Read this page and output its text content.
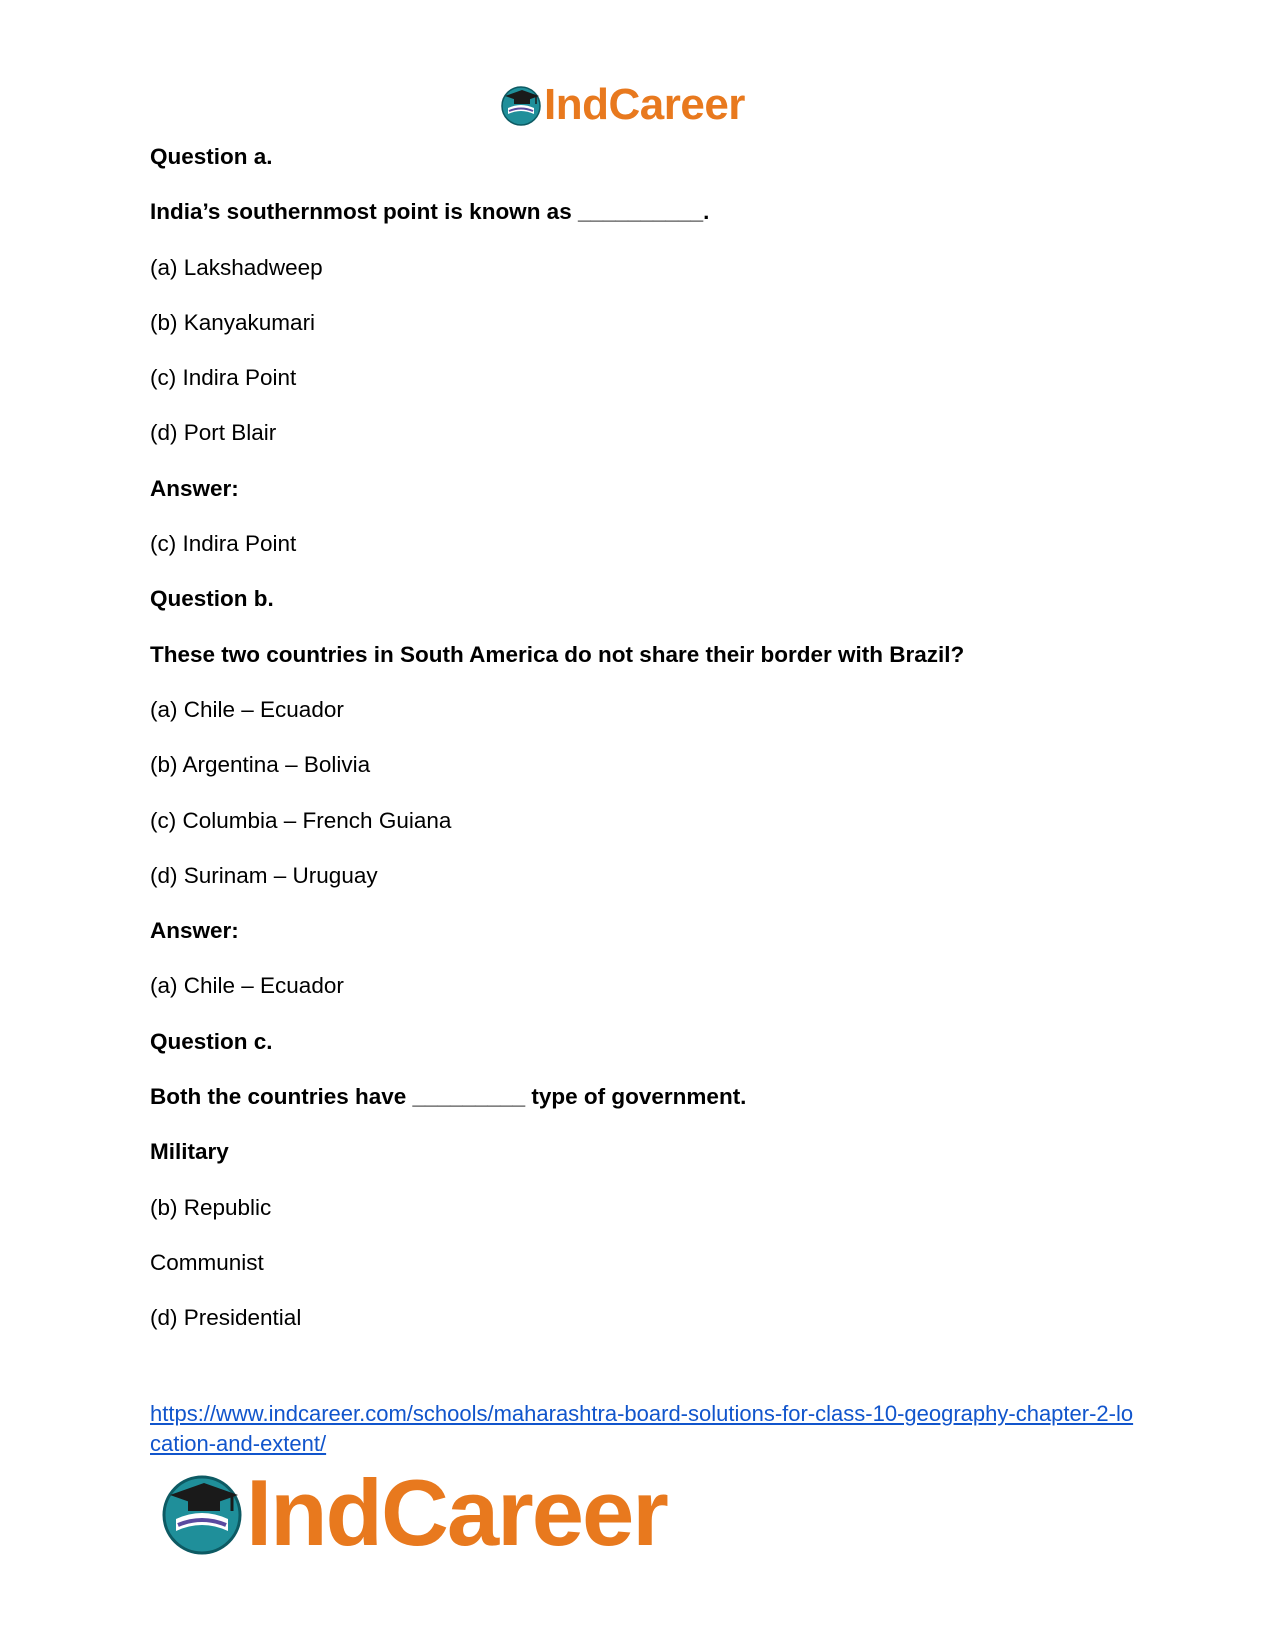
IndCareer
Question a.
India’s southernmost point is known as __________.
(a) Lakshadweep
(b) Kanyakumari
(c) Indira Point
(d) Port Blair
Answer:
(c) Indira Point
Question b.
These two countries in South America do not share their border with Brazil?
(a) Chile – Ecuador
(b) Argentina – Bolivia
(c) Columbia – French Guiana
(d) Surinam – Uruguay
Answer:
(a) Chile – Ecuador
Question c.
Both the countries have _________ type of government.
Military
(b) Republic
Communist
(d) Presidential
https://www.indcareer.com/schools/maharashtra-board-solutions-for-class-10-geography-chapter-2-location-and-extent/
IndCareer
